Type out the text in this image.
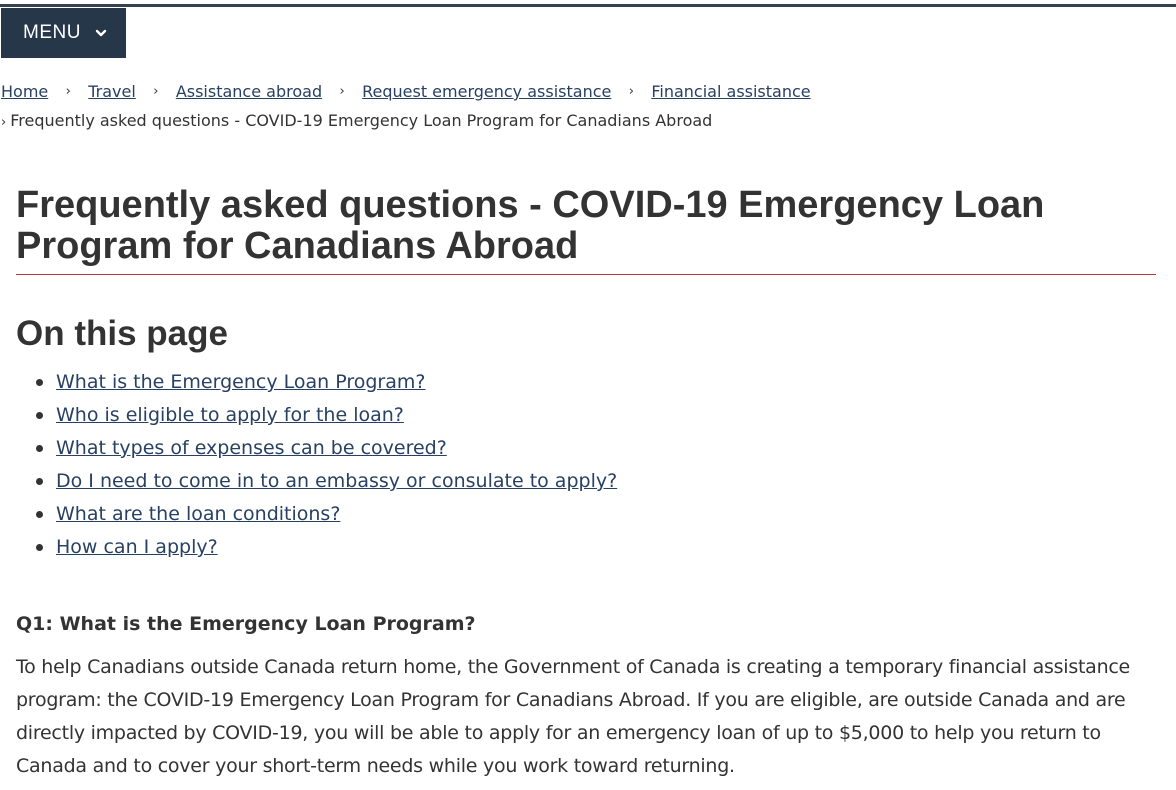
MENU
Home	›	Travel	›	Assistance abroad	›	Request emergency assistance	›	Financial assistance
› Frequently asked questions - COVID-19 Emergency Loan Program for Canadians Abroad
Frequently asked questions - COVID-19 Emergency Loan Program for Canadians Abroad
On this page
What is the Emergency Loan Program?
Who is eligible to apply for the loan?
What types of expenses can be covered?
Do I need to come in to an embassy or consulate to apply?
What are the loan conditions?
How can I apply?
Q1: What is the Emergency Loan Program?

To help Canadians outside Canada return home, the Government of Canada is creating a temporary financial assistance program: the COVID-19 Emergency Loan Program for Canadians Abroad. If you are eligible, are outside Canada and are directly impacted by COVID-19, you will be able to apply for an emergency loan of up to $5,000 to help you return to Canada and to cover your short-term needs while you work toward returning.
